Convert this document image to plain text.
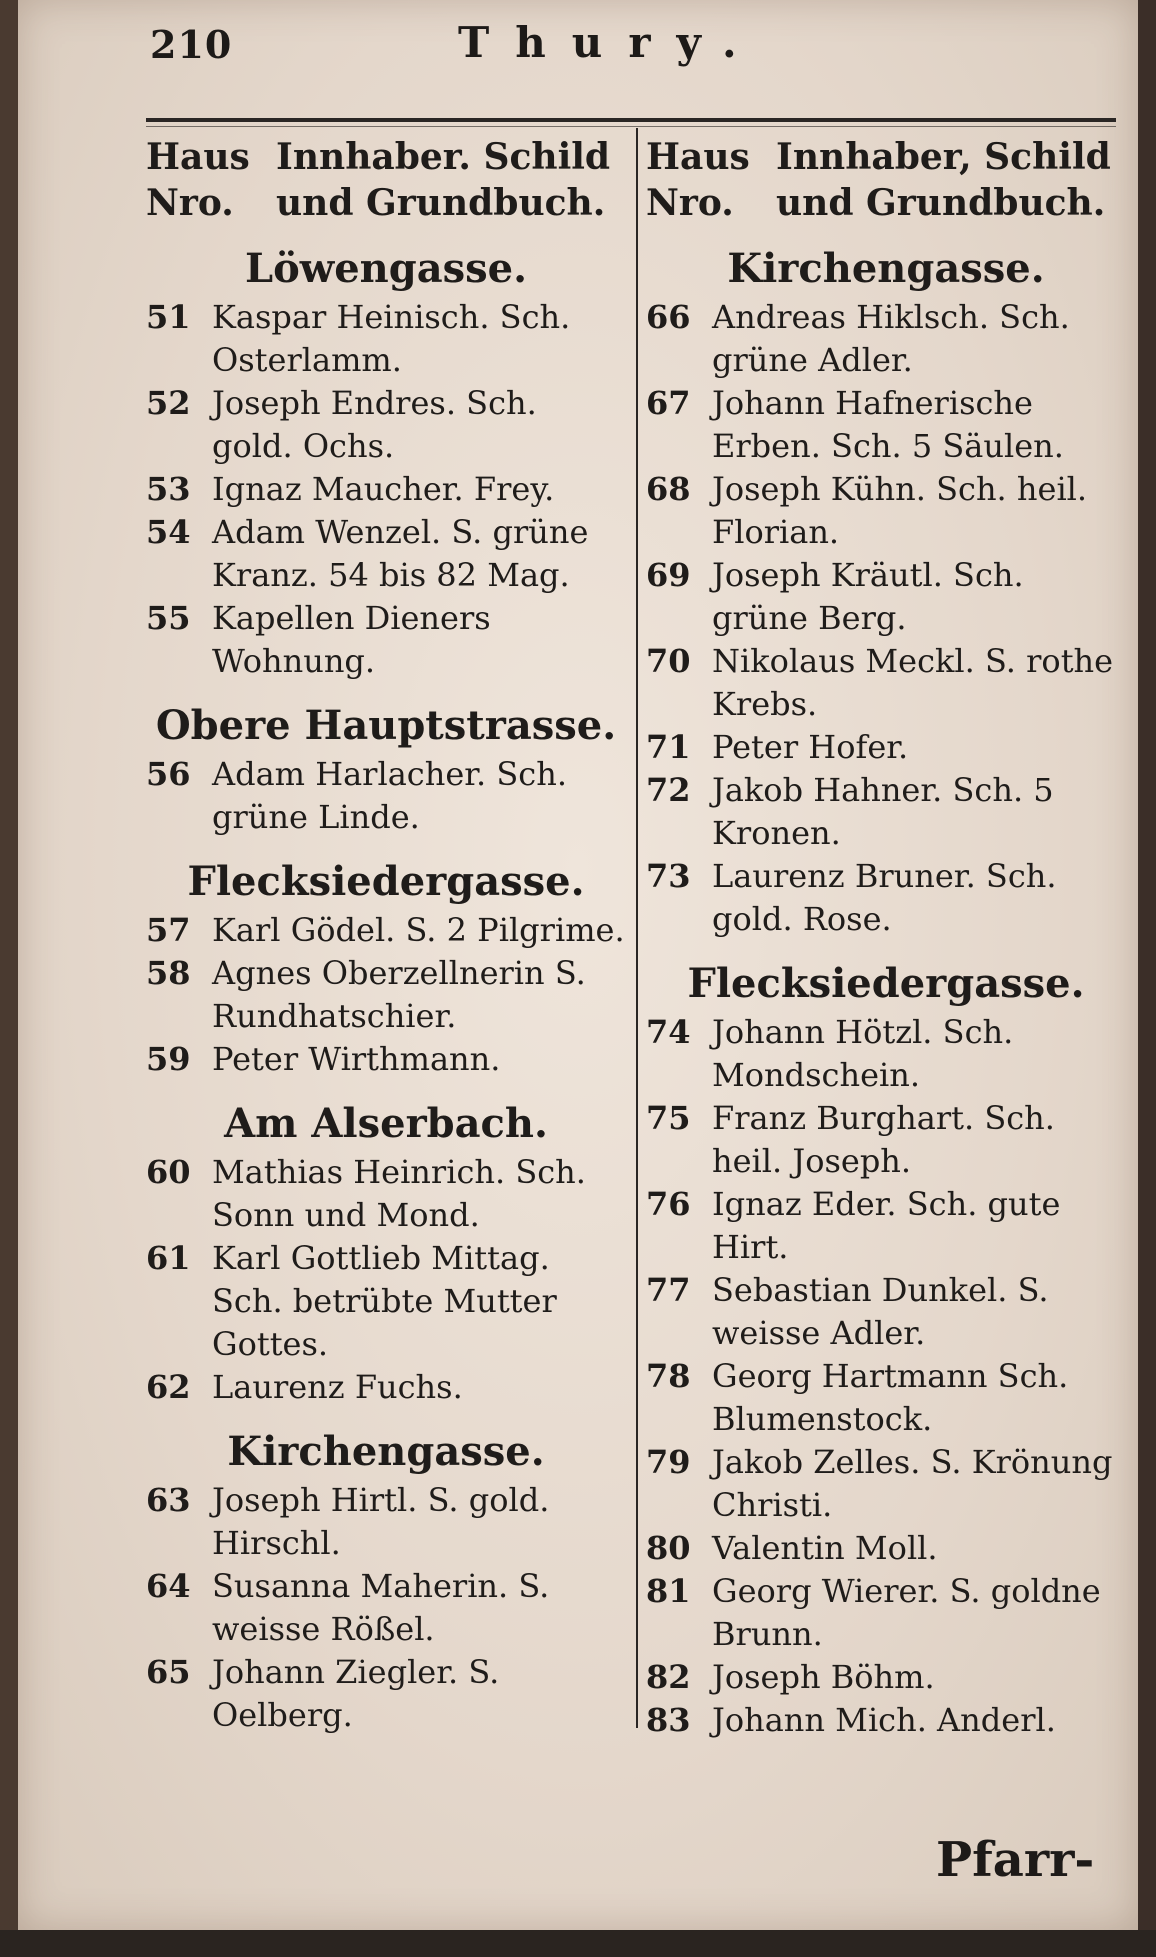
210	Thury.
Haus Nro.
Innhaber. Schild und Grundbuch.
Löwengasse.
51 Kaspar Heinisch. Sch. Osterlamm.
52 Joseph Endres. Sch. gold. Ochs.
53 Ignaz Maucher. Frey.
54 Adam Wenzel. S. grüne Kranz. 54 bis 82 Mag.
55 Kapellen Dieners Wohnung.
Obere Hauptstrasse.
56 Adam Harlacher. Sch. grüne Linde.
Flecksiedergasse.
57 Karl Gödel. S. 2 Pilgrime.
58 Agnes Oberzellnerin S. Rundhatschier.
59 Peter Wirthmann.
Am Alserbach.
60 Mathias Heinrich. Sch. Sonn und Mond.
61 Karl Gottlieb Mittag. Sch. betrübte Mutter Gottes.
62 Laurenz Fuchs.
Kirchengasse.
63 Joseph Hirtl. S. gold. Hirschl.
64 Susanna Maherin. S. weisse Rößel.
65 Johann Ziegler. S. Oelberg.
Haus Nro.
Innhaber, Schild und Grundbuch.
Kirchengasse.
66 Andreas Hiklsch. Sch. grüne Adler.
67 Johann Hafnerische Erben. Sch. 5 Säulen.
68 Joseph Kühn. Sch. heil. Florian.
69 Joseph Kräutl. Sch. grüne Berg.
70 Nikolaus Meckl. S. rothe Krebs.
71 Peter Hofer.
72 Jakob Hahner. Sch. 5 Kronen.
73 Laurenz Bruner. Sch. gold. Rose.
Flecksiedergasse.
74 Johann Hötzl. Sch. Mondschein.
75 Franz Burghart. Sch. heil. Joseph.
76 Ignaz Eder. Sch. gute Hirt.
77 Sebastian Dunkel. S. weisse Adler.
78 Georg Hartmann Sch. Blumenstock.
79 Jakob Zelles. S. Krönung Christi.
80 Valentin Moll.
81 Georg Wierer. S. goldne Brunn.
82 Joseph Böhm.
83 Johann Mich. Anderl.
Pfarr-
